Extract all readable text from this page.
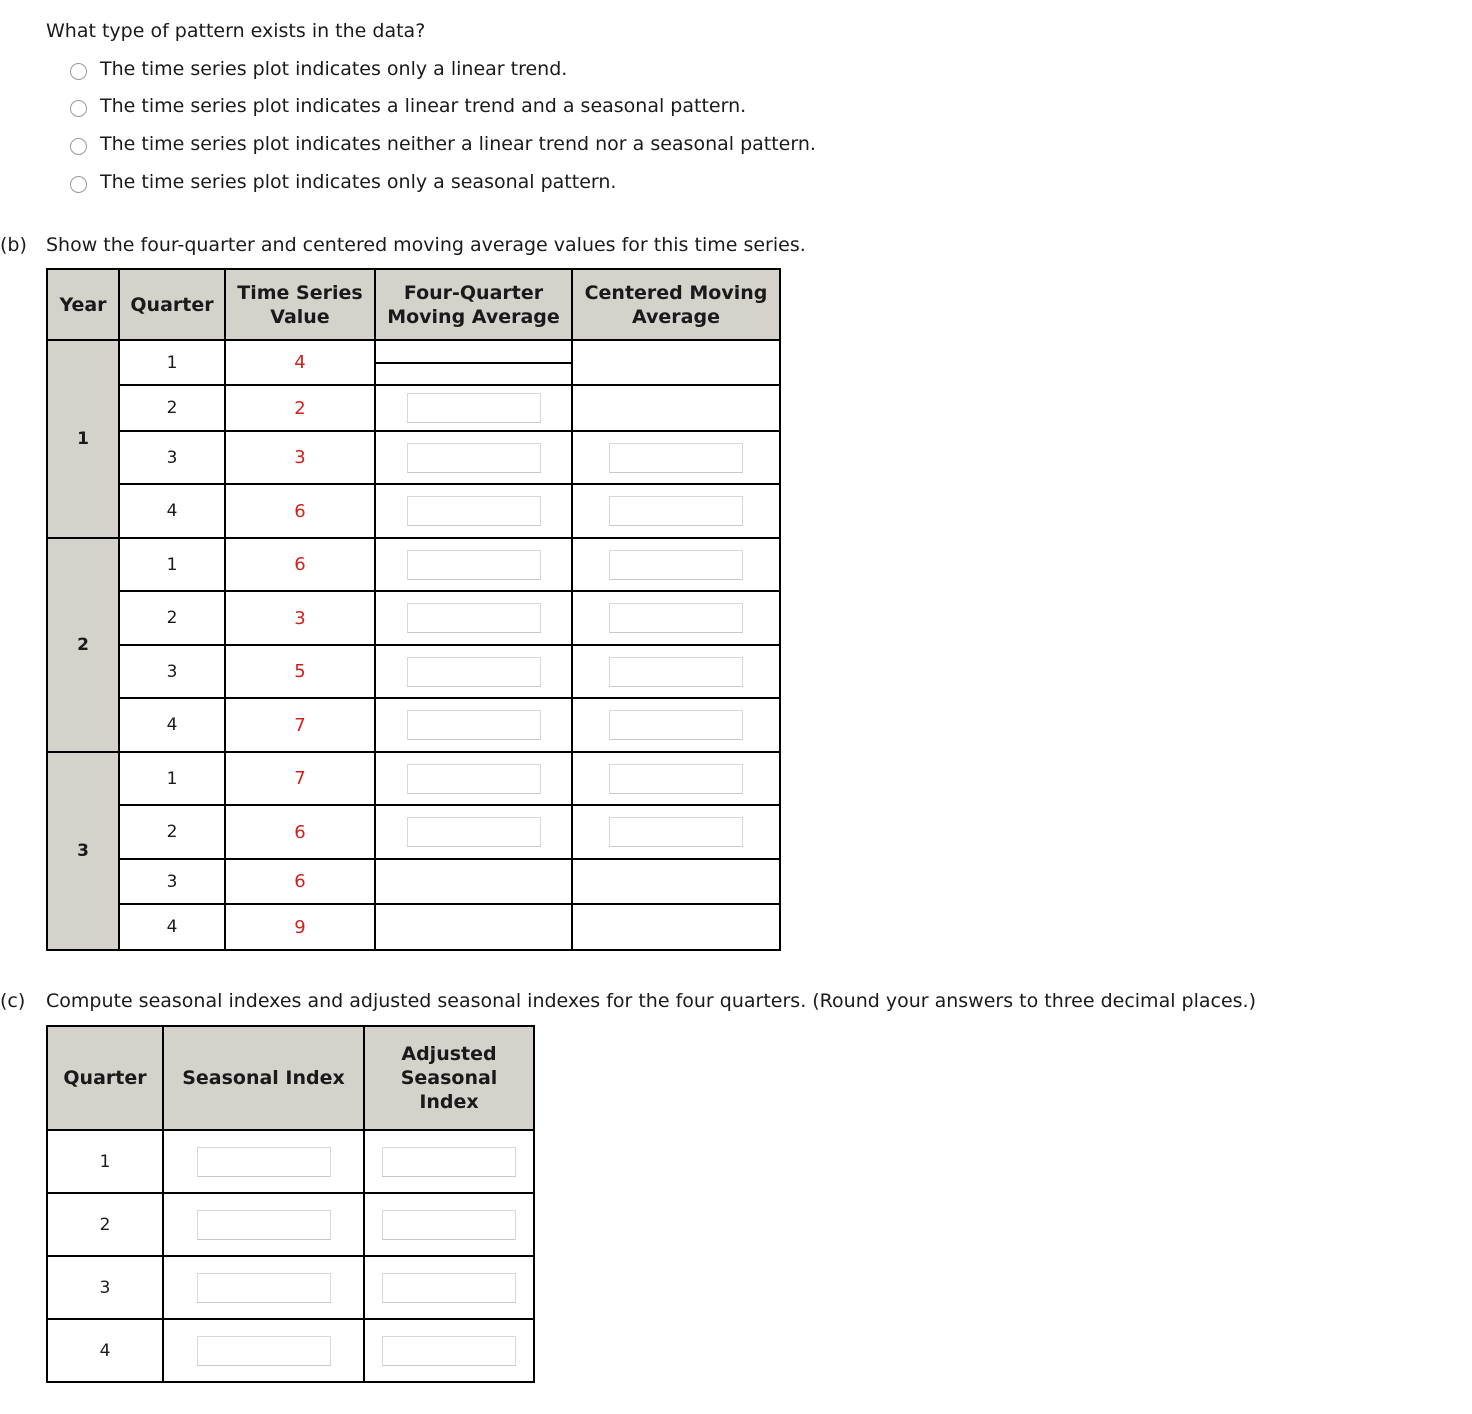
What type of pattern exists in the data?
The time series plot indicates only a linear trend.
The time series plot indicates a linear trend and a seasonal pattern.
The time series plot indicates neither a linear trend nor a seasonal pattern.
The time series plot indicates only a seasonal pattern.
(b) Show the four-quarter and centered moving average values for this time series.
Year	Quarter	Time Series Value	Four-Quarter Moving Average	Centered Moving Average
1	1	4	

	2	2	

	3	3	

	4	6	

2	1	6	

	2	3	

	3	5	

	4	7	

3	1	7	

	2	6	

	3	6		
	4	9		
(c) Compute seasonal indexes and adjusted seasonal indexes for the four quarters. (Round your answers to three decimal places.)
Quarter	Seasonal Index	Adjusted Seasonal Index
1	

2	

3	

4	
